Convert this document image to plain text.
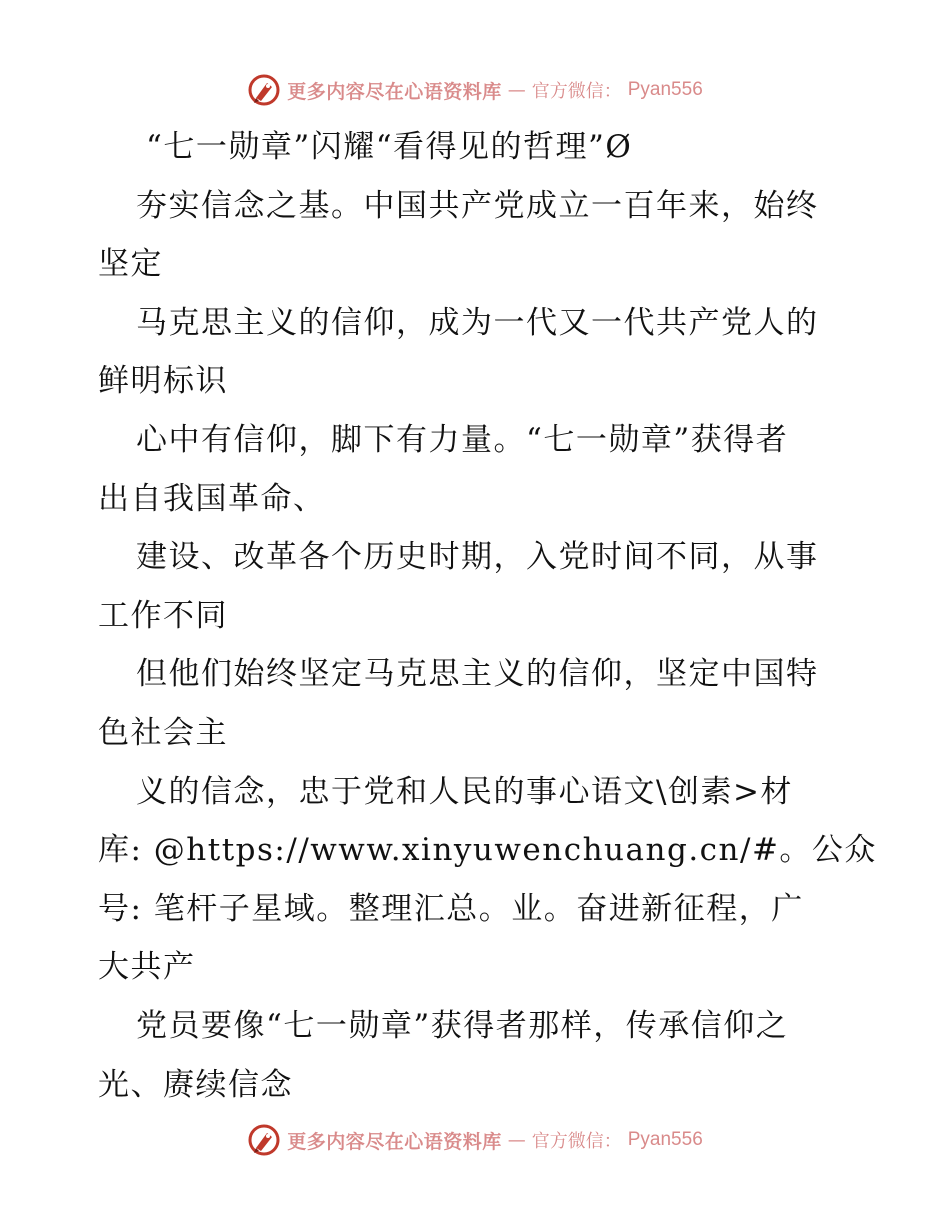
更多内容尽在心语资料库 — 官方微信： Pyan556
“七一勋章”闪耀“看得见的哲理”Ø
夯实信念之基。中国共产党成立一百年来，始终
坚定
马克思主义的信仰，成为一代又一代共产党人的
鲜明标识
心中有信仰，脚下有力量。“七一勋章”获得者
出自我国革命、
建设、改革各个历史时期，入党时间不同，从事
工作不同
但他们始终坚定马克思主义的信仰，坚定中国特
色社会主
义的信念，忠于党和人民的事心语文\创素>材
库: @https://www.xinyuwenchuang.cn/#。公众
号: 笔杆子星域。整理汇总。业。奋进新征程，广
大共产
党员要像“七一勋章”获得者那样，传承信仰之
光、赓续信念
更多内容尽在心语资料库 — 官方微信： Pyan556
